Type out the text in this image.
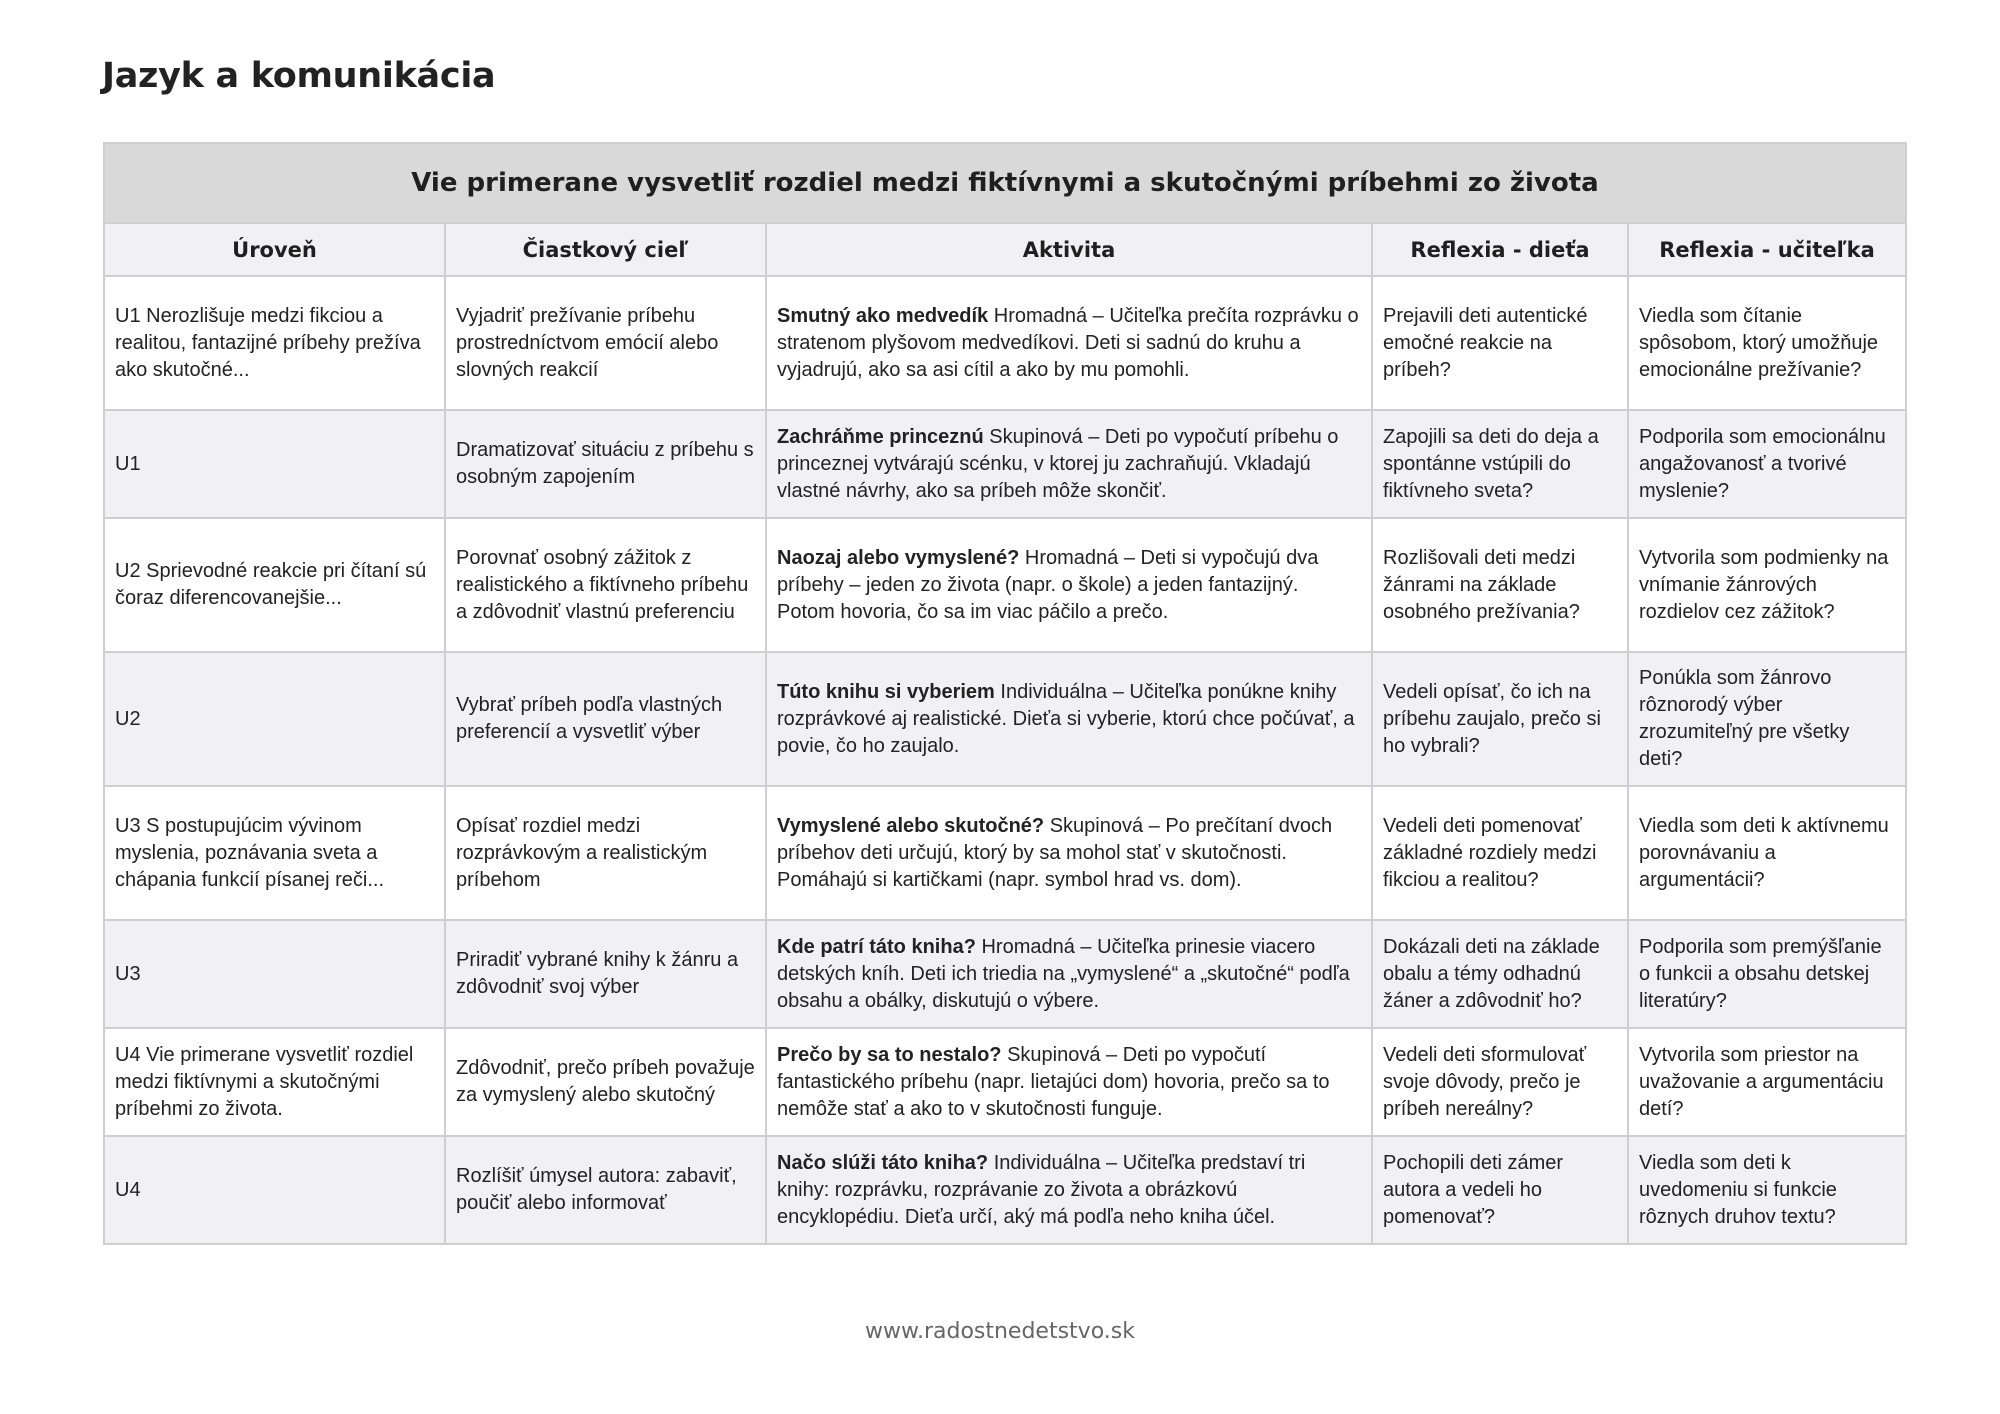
Jazyk a komunikácia
Vie primerane vysvetliť rozdiel medzi fiktívnymi a skutočnými príbehmi zo života				
Úroveň	Čiastkový cieľ	Aktivita	Reflexia - dieťa	Reflexia - učiteľka
U1 Nerozlišuje medzi fikciou a realitou, fantazijné príbehy prežíva ako skutočné...	Vyjadriť prežívanie príbehu prostredníctvom emócií alebo slovných reakcií	Smutný ako medvedík Hromadná – Učiteľka prečíta rozprávku o stratenom plyšovom medvedíkovi. Deti si sadnú do kruhu a vyjadrujú, ako sa asi cítil a ako by mu pomohli.	Prejavili deti autentické emočné reakcie na príbeh?	Viedla som čítanie spôsobom, ktorý umožňuje emocionálne prežívanie?
U1	Dramatizovať situáciu z príbehu s osobným zapojením	Zachráňme princeznú Skupinová – Deti po vypočutí príbehu o princeznej vytvárajú scénku, v ktorej ju zachraňujú. Vkladajú vlastné návrhy, ako sa príbeh môže skončiť.	Zapojili sa deti do deja a spontánne vstúpili do fiktívneho sveta?	Podporila som emocionálnu angažovanosť a tvorivé myslenie?
U2 Sprievodné reakcie pri čítaní sú čoraz diferencovanejšie...	Porovnať osobný zážitok z realistického a fiktívneho príbehu a zdôvodniť vlastnú preferenciu	Naozaj alebo vymyslené? Hromadná – Deti si vypočujú dva príbehy – jeden zo života (napr. o škole) a jeden fantazijný. Potom hovoria, čo sa im viac páčilo a prečo.	Rozlišovali deti medzi žánrami na základe osobného prežívania?	Vytvorila som podmienky na vnímanie žánrových rozdielov cez zážitok?
U2	Vybrať príbeh podľa vlastných preferencií a vysvetliť výber	Túto knihu si vyberiem Individuálna – Učiteľka ponúkne knihy rozprávkové aj realistické. Dieťa si vyberie, ktorú chce počúvať, a povie, čo ho zaujalo.	Vedeli opísať, čo ich na príbehu zaujalo, prečo si ho vybrali?	Ponúkla som žánrovo rôznorodý výber zrozumiteľný pre všetky deti?
U3 S postupujúcim vývinom myslenia, poznávania sveta a chápania funkcií písanej reči...	Opísať rozdiel medzi rozprávkovým a realistickým príbehom	Vymyslené alebo skutočné? Skupinová – Po prečítaní dvoch príbehov deti určujú, ktorý by sa mohol stať v skutočnosti. Pomáhajú si kartičkami (napr. symbol hrad vs. dom).	Vedeli deti pomenovať základné rozdiely medzi fikciou a realitou?	Viedla som deti k aktívnemu porovnávaniu a argumentácii?
U3	Priradiť vybrané knihy k žánru a zdôvodniť svoj výber	Kde patrí táto kniha? Hromadná – Učiteľka prinesie viacero detských kníh. Deti ich triedia na „vymyslené“ a „skutočné“ podľa obsahu a obálky, diskutujú o výbere.	Dokázali deti na základe obalu a témy odhadnú žáner a zdôvodniť ho?	Podporila som premýšľanie o funkcii a obsahu detskej literatúry?
U4 Vie primerane vysvetliť rozdiel medzi fiktívnymi a skutočnými príbehmi zo života.	Zdôvodniť, prečo príbeh považuje za vymyslený alebo skutočný	Prečo by sa to nestalo? Skupinová – Deti po vypočutí fantastického príbehu (napr. lietajúci dom) hovoria, prečo sa to nemôže stať a ako to v skutočnosti funguje.	Vedeli deti sformulovať svoje dôvody, prečo je príbeh nereálny?	Vytvorila som priestor na uvažovanie a argumentáciu detí?
U4	Rozlíšiť úmysel autora: zabaviť, poučiť alebo informovať	Načo slúži táto kniha? Individuálna – Učiteľka predstaví tri knihy: rozprávku, rozprávanie zo života a obrázkovú encyklopédiu. Dieťa určí, aký má podľa neho kniha účel.	Pochopili deti zámer autora a vedeli ho pomenovať?	Viedla som deti k uvedomeniu si funkcie rôznych druhov textu?
www.radostnedetstvo.sk
